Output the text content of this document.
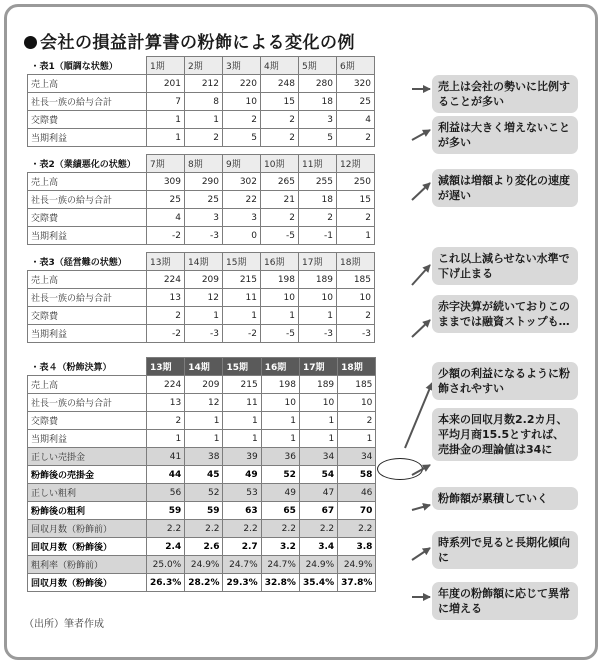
会社の損益計算書の粉飾による変化の例
・表1（順調な状態）	1期	2期	3期	4期	5期	6期
売上高	201	212	220	248	280	320
社長一族の給与合計	7	8	10	15	18	25
交際費	1	1	2	2	3	4
当期利益	1	2	5	2	5	2
・表2（業績悪化の状態）	7期	8期	9期	10期	11期	12期
売上高	309	290	302	265	255	250
社長一族の給与合計	25	25	22	21	18	15
交際費	4	3	3	2	2	2
当期利益	-2	-3	0	-5	-1	1
・表3（経営難の状態）	13期	14期	15期	16期	17期	18期
売上高	224	209	215	198	189	185
社長一族の給与合計	13	12	11	10	10	10
交際費	2	1	1	1	1	2
当期利益	-2	-3	-2	-5	-3	-3
・表４（粉飾決算）	13期	14期	15期	16期	17期	18期
売上高	224	209	215	198	189	185
社長一族の給与合計	13	12	11	10	10	10
交際費	2	1	1	1	1	2
当期利益	1	1	1	1	1	1
正しい売掛金	41	38	39	36	34	34
粉飾後の売掛金	44	45	49	52	54	58
正しい粗利	56	52	53	49	47	46
粉飾後の粗利	59	59	63	65	67	70
回収月数（粉飾前）	2.2	2.2	2.2	2.2	2.2	2.2
回収月数（粉飾後）	2.4	2.6	2.7	3.2	3.4	3.8
粗利率（粉飾前）	25.0%	24.9%	24.7%	24.7%	24.9%	24.9%
回収月数（粉飾後）	26.3%	28.2%	29.3%	32.8%	35.4%	37.8%
売上は会社の勢いに比例することが多い
利益は大きく増えないことが多い
減額は増額より変化の速度が遅い
これ以上減らせない水準で下げ止まる
赤字決算が続いておりこのままでは融資ストップも…
少額の利益になるように粉飾されやすい
本来の回収月数2.2カ月、平均月商15.5とすれば、売掛金の理論値は34に
粉飾額が累積していく
時系列で見ると長期化傾向に
年度の粉飾額に応じて異常に増える
（出所）筆者作成
